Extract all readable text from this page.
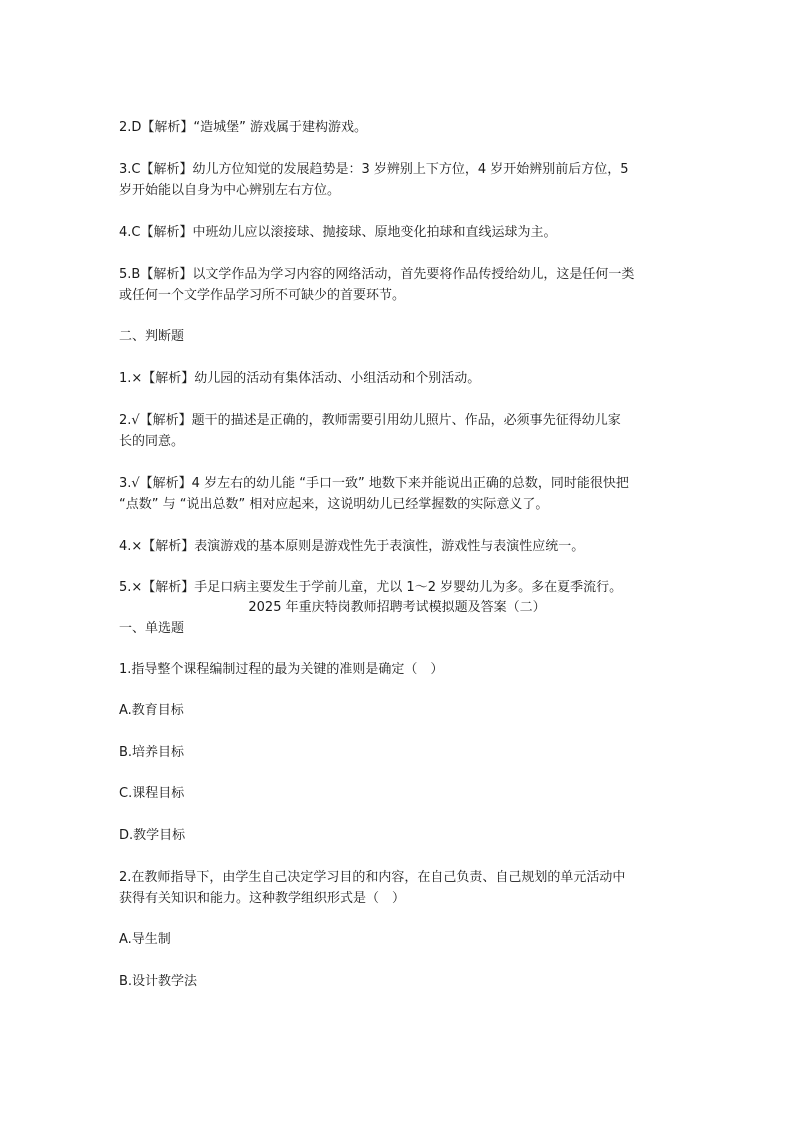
2.D【解析】“造城堡” 游戏属于建构游戏。
3.C【解析】幼儿方位知觉的发展趋势是：3 岁辨别上下方位，4 岁开始辨别前后方位，5
岁开始能以自身为中心辨别左右方位。
4.C【解析】中班幼儿应以滚接球、抛接球、原地变化拍球和直线运球为主。
5.B【解析】以文学作品为学习内容的网络活动，首先要将作品传授给幼儿，这是任何一类
或任何一个文学作品学习所不可缺少的首要环节。
二、判断题
1.×【解析】幼儿园的活动有集体活动、小组活动和个别活动。
2.√【解析】题干的描述是正确的，教师需要引用幼儿照片、作品，必须事先征得幼儿家
长的同意。
3.√【解析】4 岁左右的幼儿能 “手口一致” 地数下来并能说出正确的总数，同时能很快把
“点数” 与 “说出总数” 相对应起来，这说明幼儿已经掌握数的实际意义了。
4.×【解析】表演游戏的基本原则是游戏性先于表演性，游戏性与表演性应统一。
5.×【解析】手足口病主要发生于学前儿童，尤以 1～2 岁婴幼儿为多。多在夏季流行。
2025 年重庆特岗教师招聘考试模拟题及答案（二）
一、单选题
1.指导整个课程编制过程的最为关键的准则是确定（　）
A.教育目标
B.培养目标
C.课程目标
D.教学目标
2.在教师指导下，由学生自己决定学习目的和内容，在自己负责、自己规划的单元活动中
获得有关知识和能力。这种教学组织形式是（　）
A.导生制
B.设计教学法
